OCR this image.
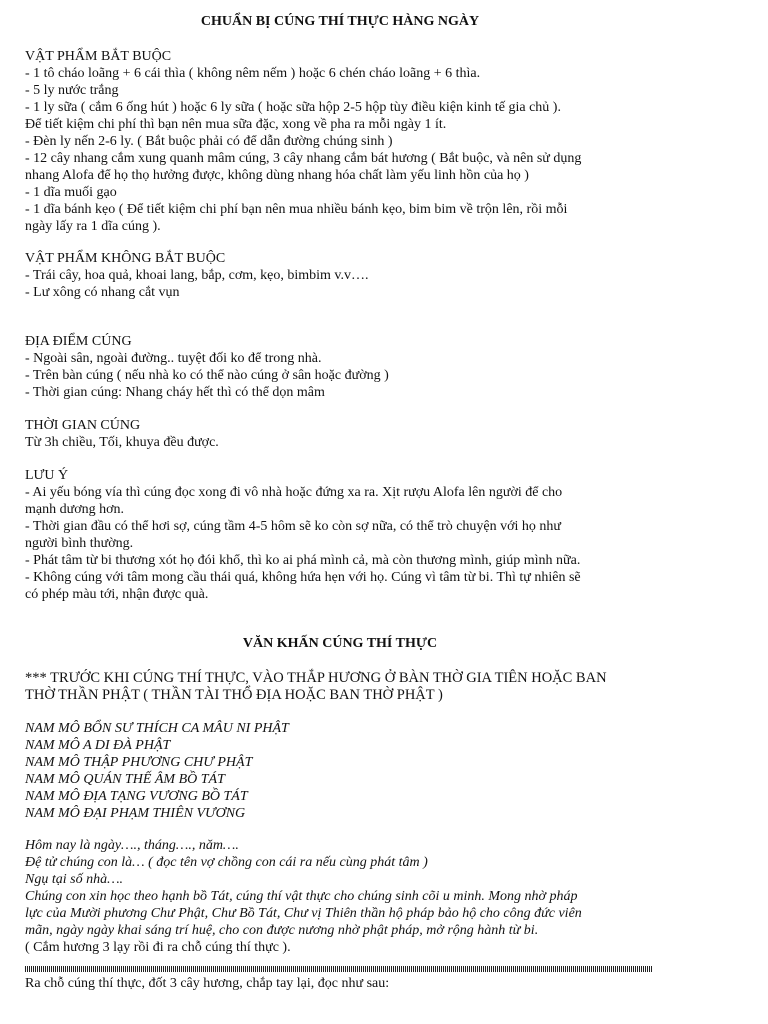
CHUẨN BỊ CÚNG THÍ THỰC HÀNG NGÀY

VẬT PHẨM BẮT BUỘC

- 1 tô cháo loãng + 6 cái thìa ( không nêm nếm ) hoặc 6 chén cháo loãng + 6 thìa.

- 5 ly nước trắng

- 1 ly sữa ( cắm 6 ống hút ) hoặc 6 ly sữa ( hoặc sữa hộp 2-5 hộp tùy điều kiện kinh tế gia chủ ).

Để tiết kiệm chi phí thì bạn nên mua sữa đặc, xong về pha ra mỗi ngày 1 ít.

- Đèn ly nến 2-6 ly. ( Bắt buộc phải có để dẫn đường chúng sinh )

- 12 cây nhang cắm xung quanh mâm cúng, 3 cây nhang cắm bát hương ( Bắt buộc, và nên sử dụng

nhang Alofa để họ thọ hưởng được, không dùng nhang hóa chất làm yếu linh hồn của họ )

- 1 dĩa muối gạo

- 1 dĩa bánh kẹo ( Để tiết kiệm chi phí bạn nên mua nhiều bánh kẹo, bim bim về trộn lên, rồi mỗi

ngày lấy ra 1 dĩa cúng ).

VẬT PHẨM KHÔNG BẮT BUỘC

- Trái cây, hoa quả, khoai lang, bắp, cơm, kẹo, bimbim v.v….

- Lư xông có nhang cắt vụn

ĐỊA ĐIỂM CÚNG

- Ngoài sân, ngoài đường.. tuyệt đối ko để trong nhà.

- Trên bàn cúng ( nếu nhà ko có thể nào cúng ở sân hoặc đường )

- Thời gian cúng: Nhang cháy hết thì có thể dọn mâm

THỜI GIAN CÚNG

Từ 3h chiều, Tối, khuya đều được.

LƯU Ý

- Ai yếu bóng vía thì cúng đọc xong đi vô nhà hoặc đứng xa ra. Xịt rượu Alofa lên người để cho

mạnh dương hơn.

- Thời gian đầu có thể hơi sợ, cúng tầm 4-5 hôm sẽ ko còn sợ nữa, có thể trò chuyện với họ như

người bình thường.

- Phát tâm từ bi thương xót họ đói khổ, thì ko ai phá mình cả, mà còn thương mình, giúp mình nữa.

- Không cúng với tâm mong cầu thái quá, không hứa hẹn với họ. Cúng vì tâm từ bi. Thì tự nhiên sẽ

có phép màu tới, nhận được quà.

VĂN KHẤN CÚNG THÍ THỰC

*** TRƯỚC KHI CÚNG THÍ THỰC, VÀO THẮP HƯƠNG Ở BÀN THỜ GIA TIÊN HOẶC BAN

THỜ THẦN PHẬT ( THẦN TÀI THỔ ĐỊA HOẶC BAN THỜ PHẬT )

NAM MÔ BỔN SƯ THÍCH CA MÂU NI PHẬT

NAM MÔ A DI ĐÀ PHẬT

NAM MÔ THẬP PHƯƠNG CHƯ PHẬT

NAM MÔ QUÁN THẾ ÂM BỒ TÁT

NAM MÔ ĐỊA TẠNG VƯƠNG BỒ TÁT

NAM MÔ ĐẠI PHẠM THIÊN VƯƠNG

Hôm nay là ngày…., tháng…., năm….

Đệ tử chúng con là… ( đọc tên vợ chồng con cái ra nếu cùng phát tâm )

Ngụ tại số nhà….

Chúng con xin học theo hạnh bồ Tát, cúng thí vật thực cho chúng sinh cõi u minh. Mong nhờ pháp

lực của Mười phương Chư Phật, Chư Bồ Tát, Chư vị Thiên thần hộ pháp bảo hộ cho công đức viên

mãn, ngày ngày khai sáng trí huệ, cho con được nương nhờ phật pháp, mở rộng hành từ bi.

( Cắm hương 3 lạy rồi đi ra chỗ cúng thí thực ).

Ra chỗ cúng thí thực, đốt 3 cây hương, chắp tay lại, đọc như sau:
